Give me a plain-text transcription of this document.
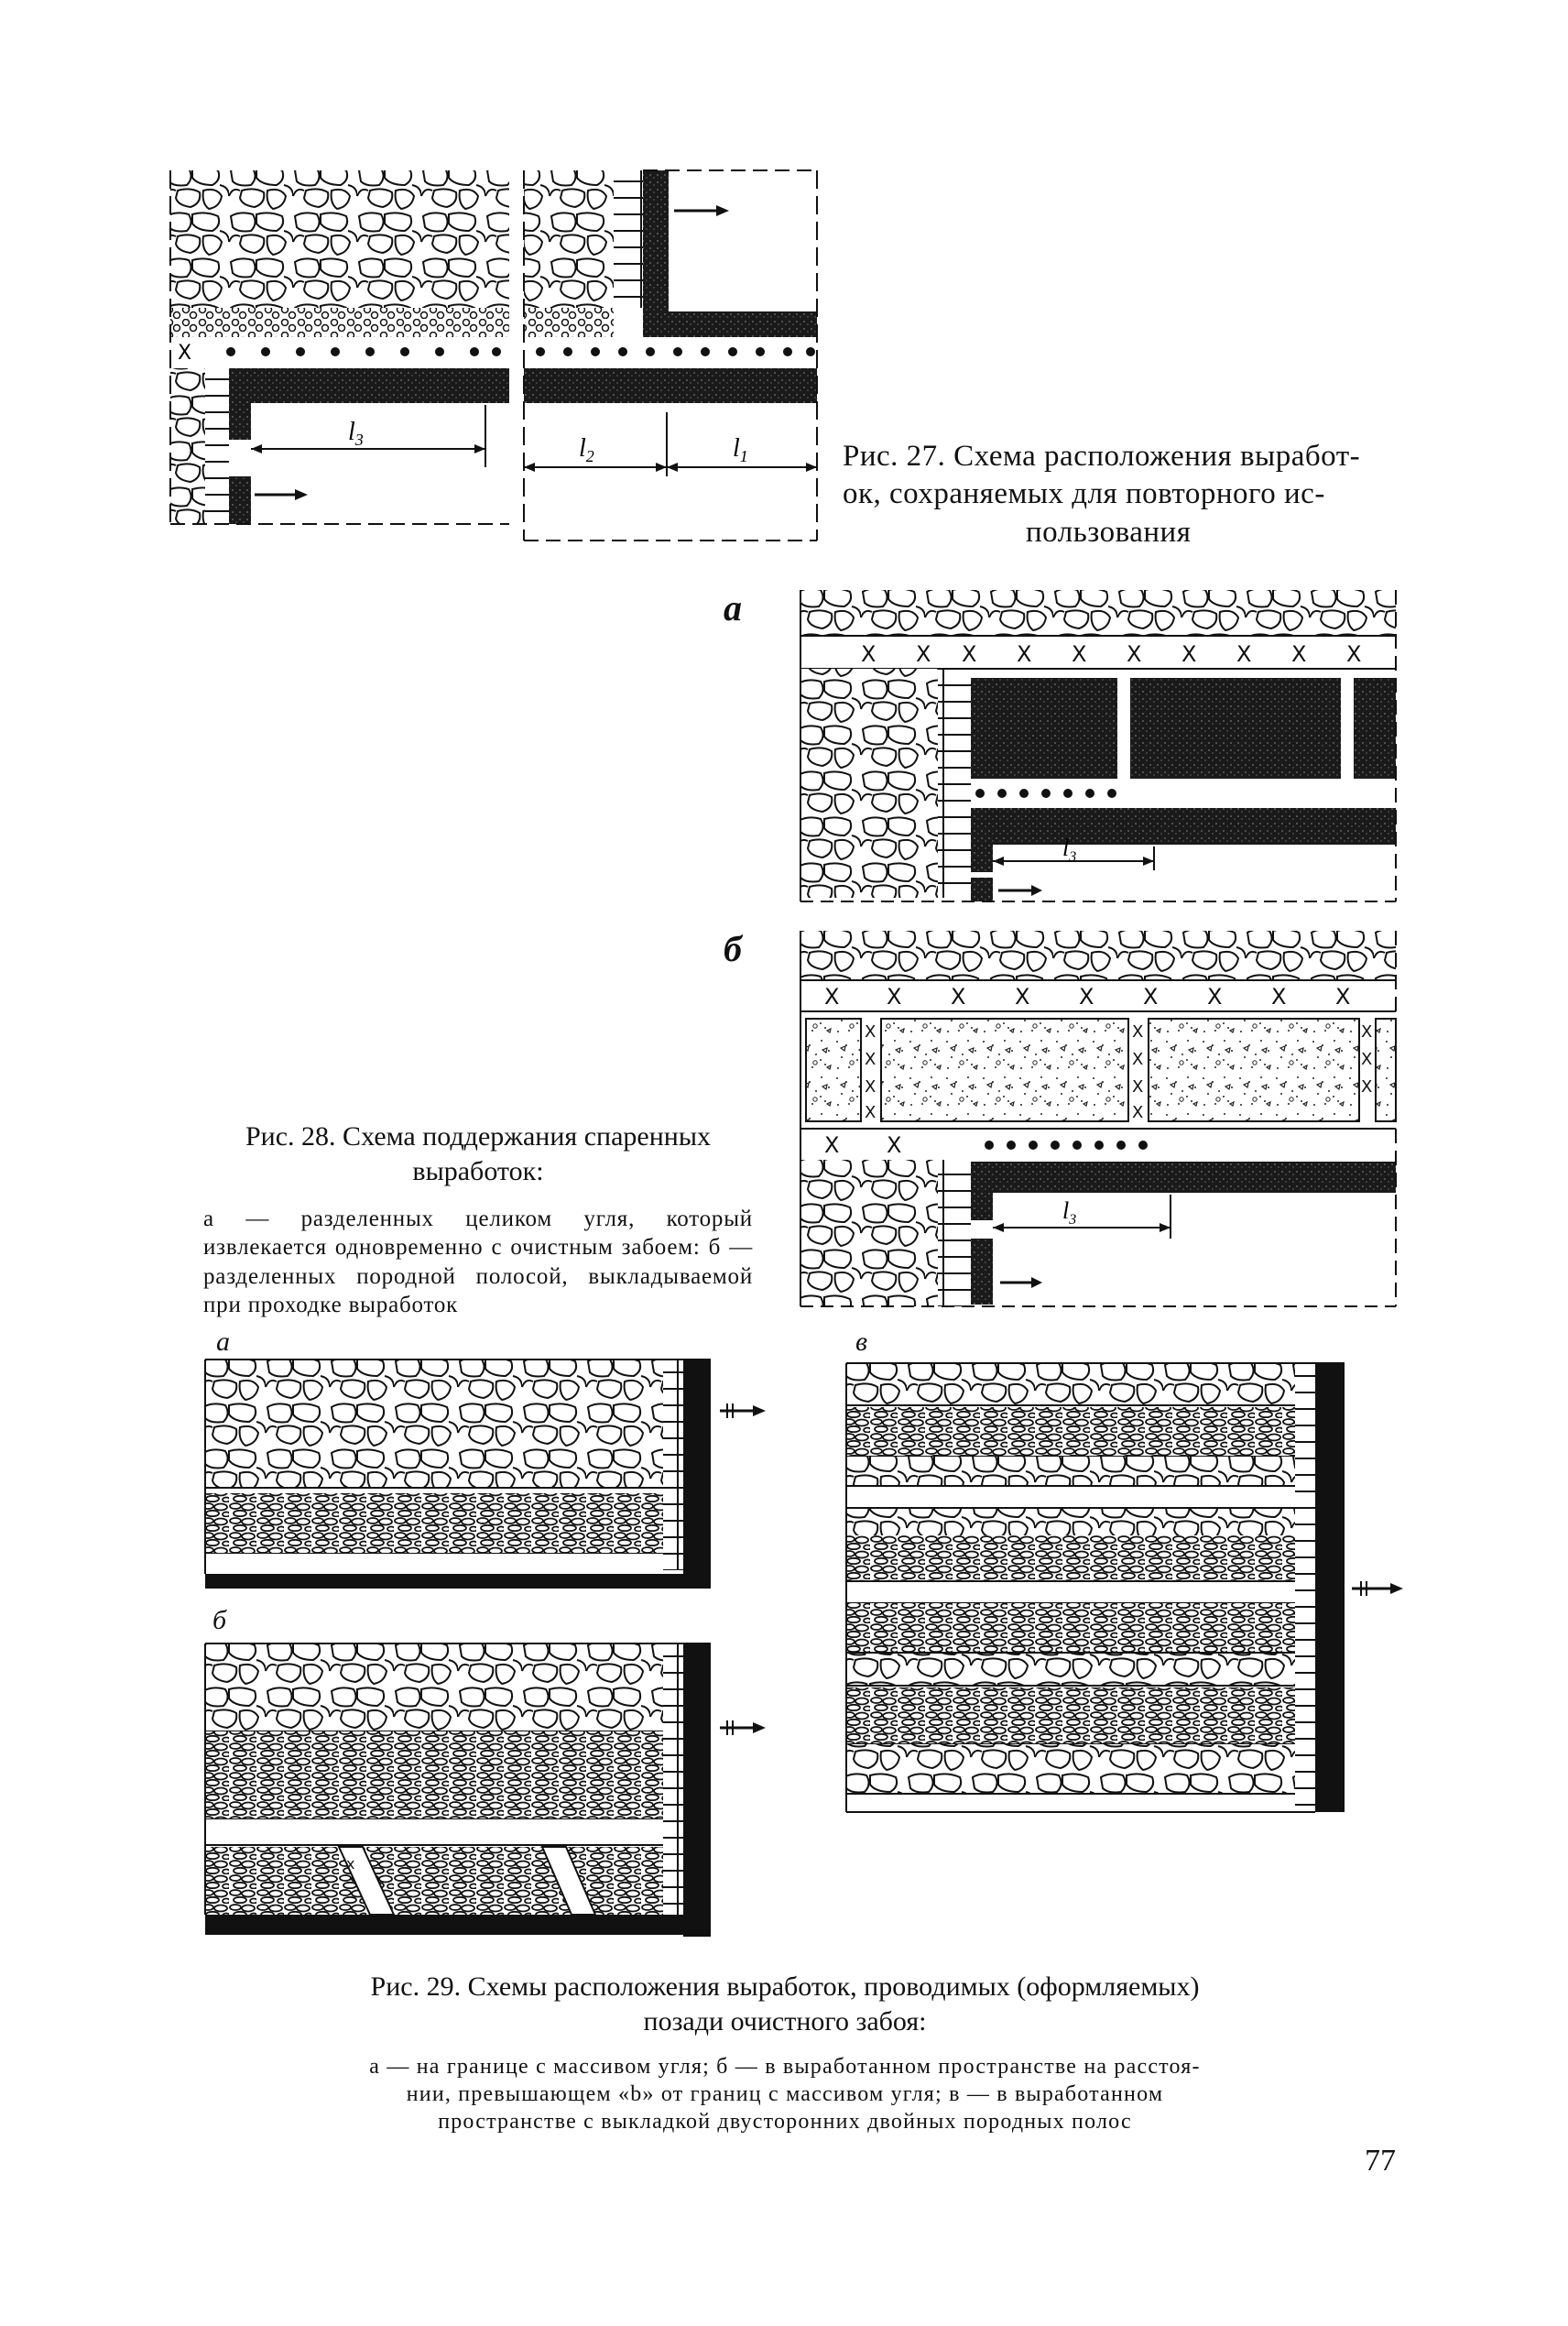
X
$l_3$	$l_2$	$l_1$	Рис. 27. Схема расположения выработ-
ок, сохраняемых для повторного ис-
пользования
а
X X X X X X X X X X
$l_3$
б
X X X X X X X X X
X
X
X
X
X
X
X
X
X
X
X
X X
$l_3$
Рис. 28. Схема поддержания спаренных
выработок:
а — разделенных целиком угля, который извлекается одновременно с очистным забоем: б — разделенных породной полосой, выкладываемой при проходке выработок
а
б
x
в
Рис. 29. Схемы расположения выработок, проводимых (оформляемых)
позади очистного забоя:
а — на границе с массивом угля; б — в выработанном пространстве на расстоя-
нии, превышающем «b» от границ с массивом угля; в — в выработанном
пространстве с выкладкой двусторонних двойных породных полос
77
